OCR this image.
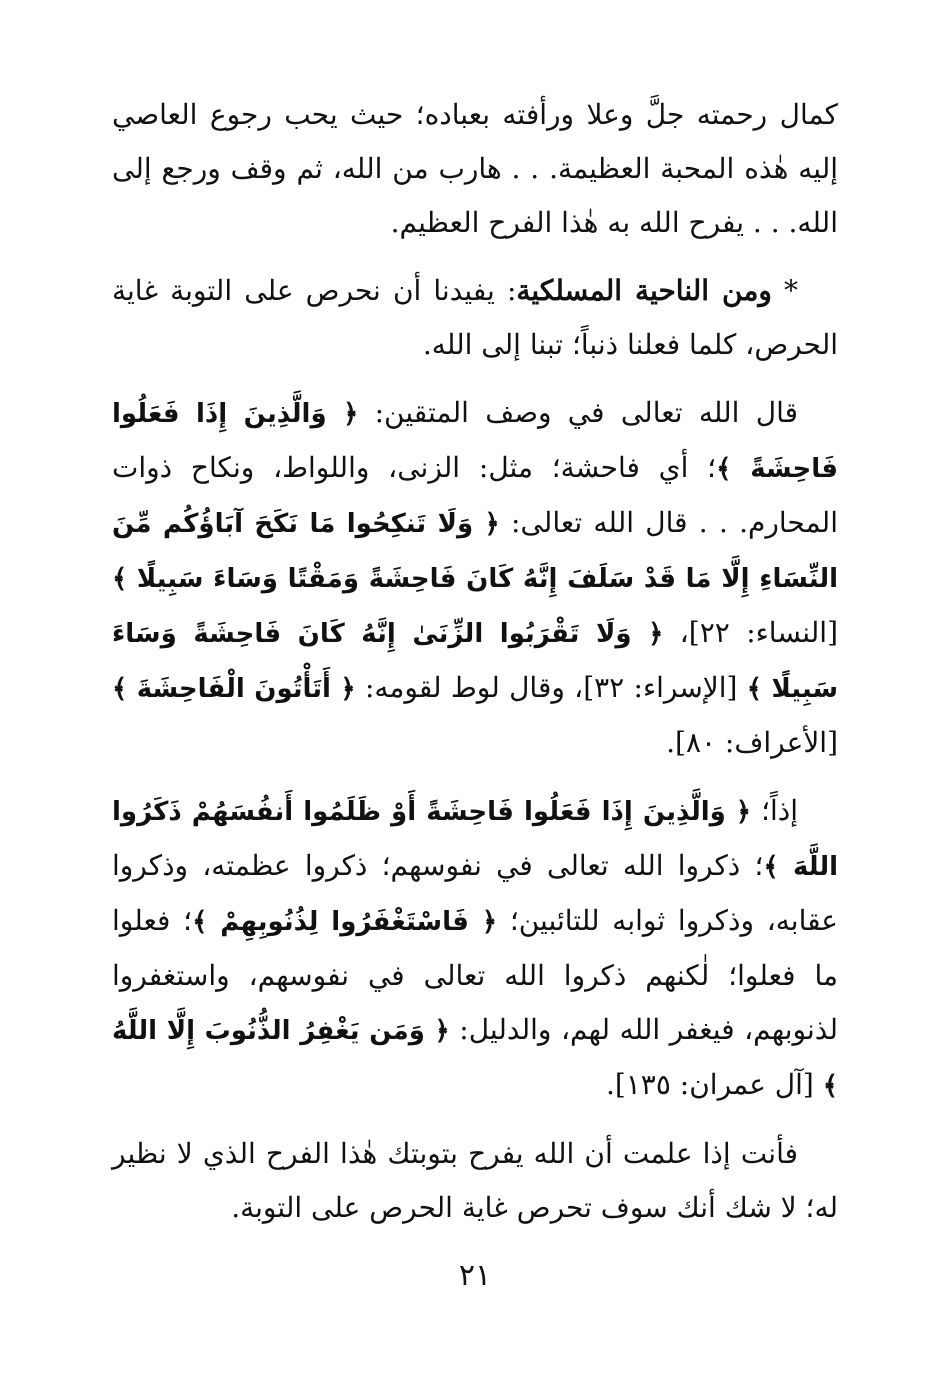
كمال رحمته جلَّ وعلا ورأفته بعباده؛ حيث يحب رجوع العاصي إليه هٰذه المحبة العظيمة. . . هارب من الله، ثم وقف ورجع إلى الله. . . يفرح الله به هٰذا الفرح العظيم.

* ومن الناحية المسلكية: يفيدنا أن نحرص على التوبة غاية الحرص، كلما فعلنا ذنباً؛ تبنا إلى الله.

قال الله تعالى في وصف المتقين: ﴿ وَالَّذِينَ إِذَا فَعَلُوا فَاحِشَةً ﴾؛ أي فاحشة؛ مثل: الزنى، واللواط، ونكاح ذوات المحارم. . . قال الله تعالى: ﴿ وَلَا تَنكِحُوا مَا نَكَحَ آبَاؤُكُم مِّنَ النِّسَاءِ إِلَّا مَا قَدْ سَلَفَ إِنَّهُ كَانَ فَاحِشَةً وَمَقْتًا وَسَاءَ سَبِيلًا ﴾ [النساء: ٢٢]، ﴿ وَلَا تَقْرَبُوا الزِّنَىٰ إِنَّهُ كَانَ فَاحِشَةً وَسَاءَ سَبِيلًا ﴾ [الإسراء: ٣٢]، وقال لوط لقومه: ﴿ أَتَأْتُونَ الْفَاحِشَةَ ﴾ [الأعراف: ٨٠].

إذاً؛ ﴿ وَالَّذِينَ إِذَا فَعَلُوا فَاحِشَةً أَوْ ظَلَمُوا أَنفُسَهُمْ ذَكَرُوا اللَّهَ ﴾؛ ذكروا الله تعالى في نفوسهم؛ ذكروا عظمته، وذكروا عقابه، وذكروا ثوابه للتائبين؛ ﴿ فَاسْتَغْفَرُوا لِذُنُوبِهِمْ ﴾؛ فعلوا ما فعلوا؛ لٰكنهم ذكروا الله تعالى في نفوسهم، واستغفروا لذنوبهم، فيغفر الله لهم، والدليل: ﴿ وَمَن يَغْفِرُ الذُّنُوبَ إِلَّا اللَّهُ ﴾ [آل عمران: ١٣٥].

فأنت إذا علمت أن الله يفرح بتوبتك هٰذا الفرح الذي لا نظير له؛ لا شك أنك سوف تحرص غاية الحرص على التوبة.

٢١
